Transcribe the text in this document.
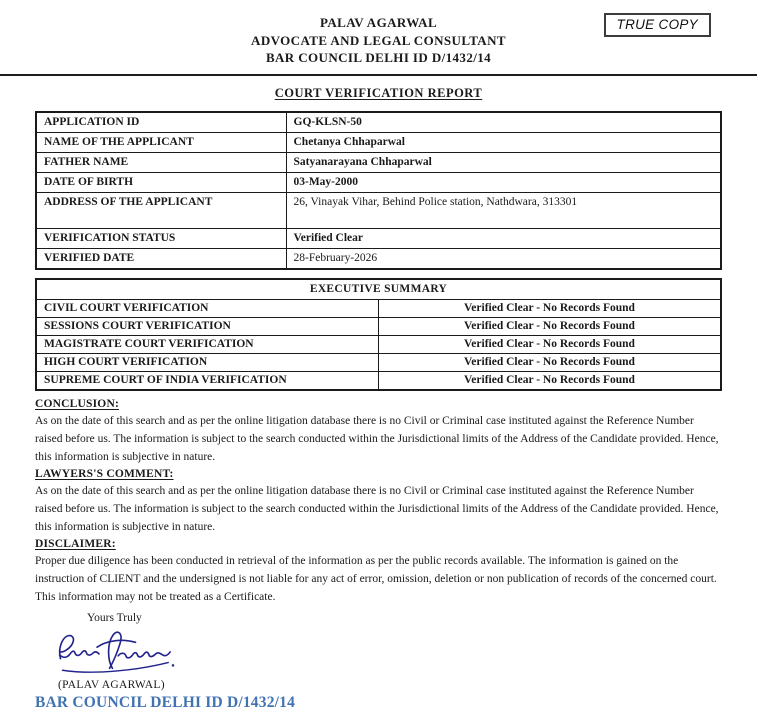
TRUE COPY
PALAV AGARWAL
ADVOCATE AND LEGAL CONSULTANT
BAR COUNCIL DELHI ID D/1432/14
COURT VERIFICATION REPORT
APPLICATION ID	GQ-KLSN-50
NAME OF THE APPLICANT	Chetanya Chhaparwal
FATHER NAME	Satyanarayana Chhaparwal
DATE OF BIRTH	03-May-2000
ADDRESS OF THE APPLICANT	26, Vinayak Vihar, Behind Police station, Nathdwara, 313301
VERIFICATION STATUS	Verified Clear
VERIFIED DATE	28-February-2026
EXECUTIVE SUMMARY	
CIVIL COURT VERIFICATION	Verified Clear - No Records Found
SESSIONS COURT VERIFICATION	Verified Clear - No Records Found
MAGISTRATE COURT VERIFICATION	Verified Clear - No Records Found
HIGH COURT VERIFICATION	Verified Clear - No Records Found
SUPREME COURT OF INDIA VERIFICATION	Verified Clear - No Records Found
CONCLUSION:

As on the date of this search and as per the online litigation database there is no Civil or Criminal case instituted against the Reference Number raised before us. The information is subject to the search conducted within the Jurisdictional limits of the Address of the Candidate provided. Hence, this information is subjective in nature.

LAWYERS'S COMMENT:

As on the date of this search and as per the online litigation database there is no Civil or Criminal case instituted against the Reference Number raised before us. The information is subject to the search conducted within the Jurisdictional limits of the Address of the Candidate provided. Hence, this information is subjective in nature.

DISCLAIMER:

Proper due diligence has been conducted in retrieval of the information as per the public records available. The information is gained on the instruction of CLIENT and the undersigned is not liable for any act of error, omission, deletion or non publication of records of the concerned court. This information may not be treated as a Certificate.

Yours Truly
(PALAV AGARWAL)
BAR COUNCIL DELHI ID D/1432/14
